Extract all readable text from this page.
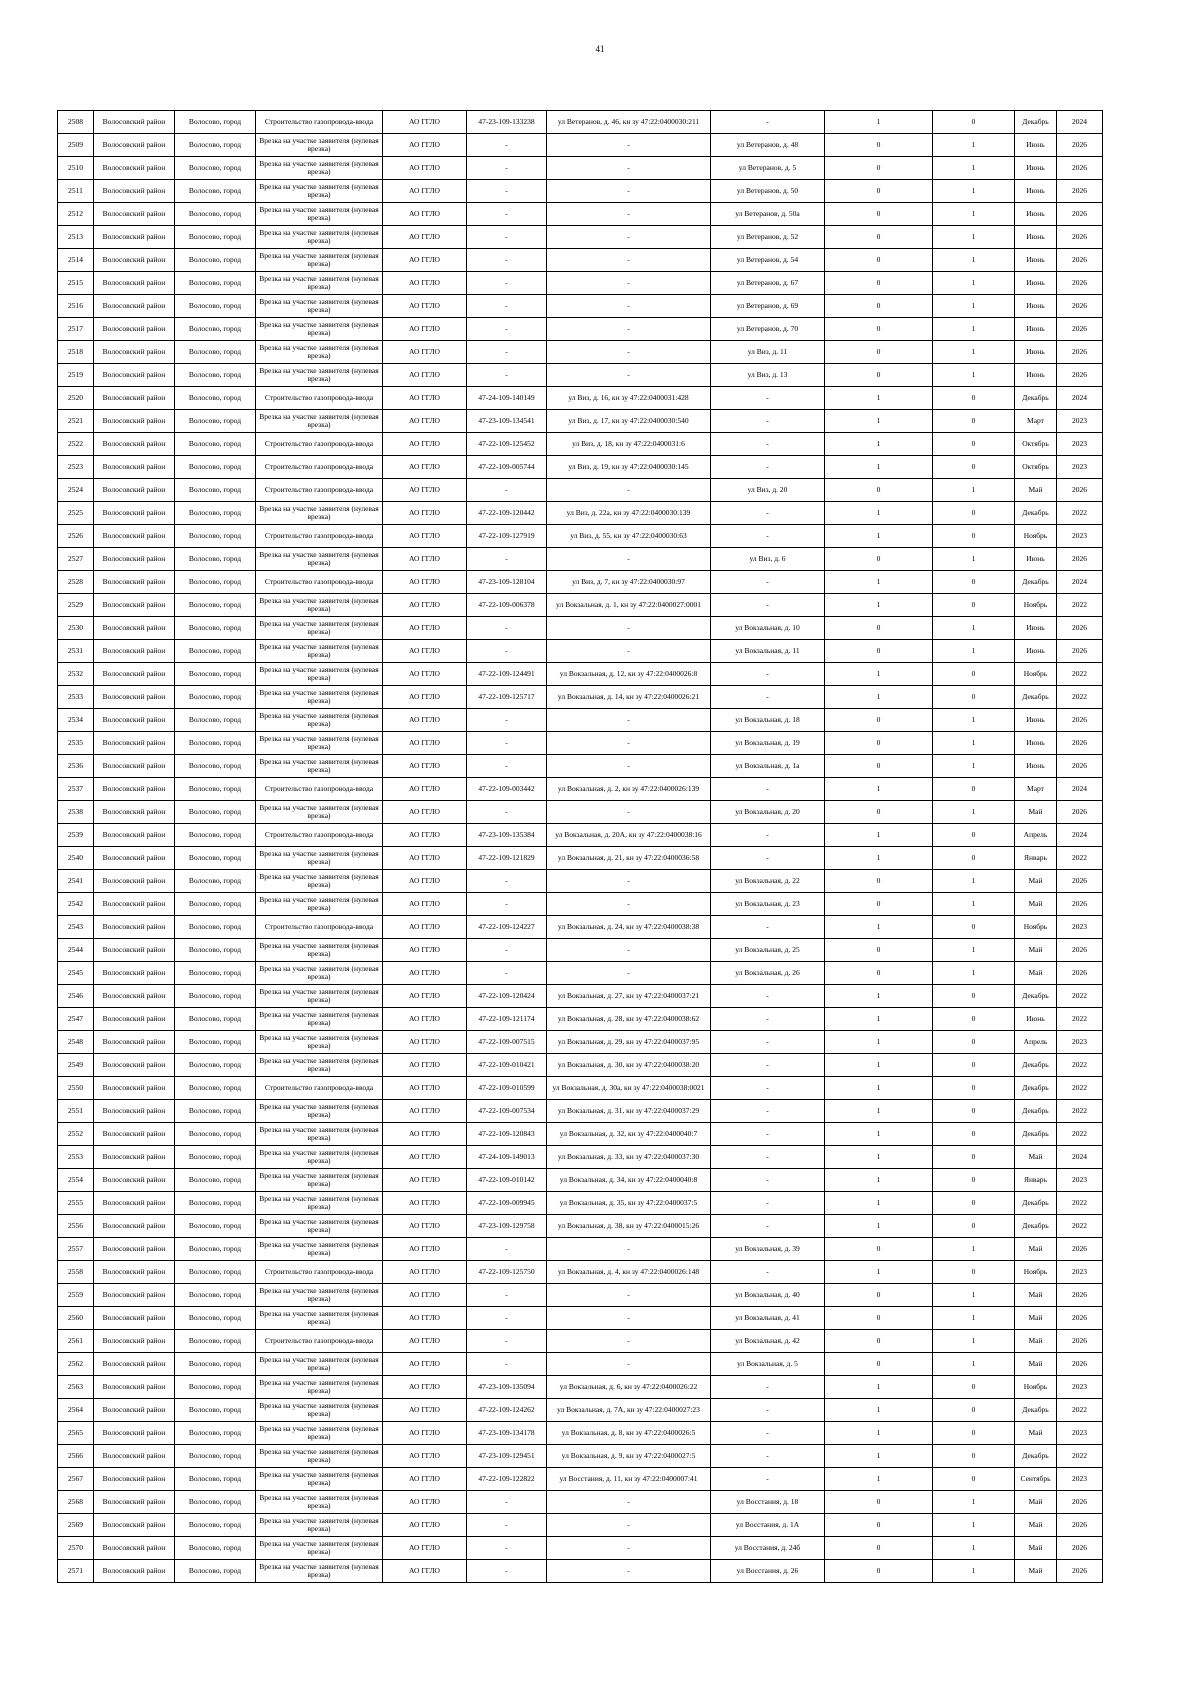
41
2508	Волосовский район	Волосово, город	Строительство газопровода-ввода	АО ГГЛО	47-23-109-133238	ул Ветеранов, д. 46, кн зу 47:22:0400030:211	-	1	0	Декабрь	2024
2509	Волосовский район	Волосово, город	Врезка на участке заявителя (нулевая врезка)	АО ГГЛО	-	-	ул Ветеранов, д. 48	0	1	Июнь	2026
2510	Волосовский район	Волосово, город	Врезка на участке заявителя (нулевая врезка)	АО ГГЛО	-	-	ул Ветеранов, д. 5	0	1	Июнь	2026
2511	Волосовский район	Волосово, город	Врезка на участке заявителя (нулевая врезка)	АО ГГЛО	-	-	ул Ветеранов, д. 50	0	1	Июнь	2026
2512	Волосовский район	Волосово, город	Врезка на участке заявителя (нулевая врезка)	АО ГГЛО	-	-	ул Ветеранов, д. 50а	0	1	Июнь	2026
2513	Волосовский район	Волосово, город	Врезка на участке заявителя (нулевая врезка)	АО ГГЛО	-	-	ул Ветеранов, д. 52	0	1	Июнь	2026
2514	Волосовский район	Волосово, город	Врезка на участке заявителя (нулевая врезка)	АО ГГЛО	-	-	ул Ветеранов, д. 54	0	1	Июнь	2026
2515	Волосовский район	Волосово, город	Врезка на участке заявителя (нулевая врезка)	АО ГГЛО	-	-	ул Ветеранов, д. 67	0	1	Июнь	2026
2516	Волосовский район	Волосово, город	Врезка на участке заявителя (нулевая врезка)	АО ГГЛО	-	-	ул Ветеранов, д. 69	0	1	Июнь	2026
2517	Волосовский район	Волосово, город	Врезка на участке заявителя (нулевая врезка)	АО ГГЛО	-	-	ул Ветеранов, д. 70	0	1	Июнь	2026
2518	Волосовский район	Волосово, город	Врезка на участке заявителя (нулевая врезка)	АО ГГЛО	-	-	ул Виз, д. 11	0	1	Июнь	2026
2519	Волосовский район	Волосово, город	Врезка на участке заявителя (нулевая врезка)	АО ГГЛО	-	-	ул Виз, д. 13	0	1	Июнь	2026
2520	Волосовский район	Волосово, город	Строительство газопровода-ввода	АО ГГЛО	47-24-109-140149	ул Виз, д. 16, кн зу 47:22:0400031:428	-	1	0	Декабрь	2024
2521	Волосовский район	Волосово, город	Врезка на участке заявителя (нулевая врезка)	АО ГГЛО	47-23-109-134541	ул Виз, д. 17, кн зу 47:22:0400030:540	-	1	0	Март	2023
2522	Волосовский район	Волосово, город	Строительство газопровода-ввода	АО ГГЛО	47-22-109-125452	ул Виз, д. 18, кн зу 47:22:0400031:6	-	1	0	Октябрь	2023
2523	Волосовский район	Волосово, город	Строительство газопровода-ввода	АО ГГЛО	47-22-109-005744	ул Виз, д. 19, кн зу 47:22:0400030:145	-	1	0	Октябрь	2023
2524	Волосовский район	Волосово, город	Строительство газопровода-ввода	АО ГГЛО	-	-	ул Виз, д. 20	0	1	Май	2026
2525	Волосовский район	Волосово, город	Врезка на участке заявителя (нулевая врезка)	АО ГГЛО	47-22-109-120442	ул Виз, д. 22а, кн зу 47:22:0400030:139	-	1	0	Декабрь	2022
2526	Волосовский район	Волосово, город	Строительство газопровода-ввода	АО ГГЛО	47-22-109-127919	ул Виз, д. 55, кн зу 47:22:0400030:63	-	1	0	Ноябрь	2023
2527	Волосовский район	Волосово, город	Врезка на участке заявителя (нулевая врезка)	АО ГГЛО	-	-	ул Виз, д. 6	0	1	Июнь	2026
2528	Волосовский район	Волосово, город	Строительство газопровода-ввода	АО ГГЛО	47-23-109-128104	ул Виз, д. 7, кн зу 47:22:0400030:97	-	1	0	Декабрь	2024
2529	Волосовский район	Волосово, город	Врезка на участке заявителя (нулевая врезка)	АО ГГЛО	47-22-109-006378	ул Вокзальная, д. 1, кн зу 47:22:0400027:0001	-	1	0	Ноябрь	2022
2530	Волосовский район	Волосово, город	Врезка на участке заявителя (нулевая врезка)	АО ГГЛО	-	-	ул Вокзальная, д. 10	0	1	Июнь	2026
2531	Волосовский район	Волосово, город	Врезка на участке заявителя (нулевая врезка)	АО ГГЛО	-	-	ул Вокзальная, д. 11	0	1	Июнь	2026
2532	Волосовский район	Волосово, город	Врезка на участке заявителя (нулевая врезка)	АО ГГЛО	47-22-109-124491	ул Вокзальная, д. 12, кн зу 47:22:0400026:8	-	1	0	Ноябрь	2022
2533	Волосовский район	Волосово, город	Врезка на участке заявителя (нулевая врезка)	АО ГГЛО	47-22-109-125717	ул Вокзальная, д. 14, кн зу 47:22:0400026:21	-	1	0	Декабрь	2022
2534	Волосовский район	Волосово, город	Врезка на участке заявителя (нулевая врезка)	АО ГГЛО	-	-	ул Вокзальная, д. 18	0	1	Июнь	2026
2535	Волосовский район	Волосово, город	Врезка на участке заявителя (нулевая врезка)	АО ГГЛО	-	-	ул Вокзальная, д. 19	0	1	Июнь	2026
2536	Волосовский район	Волосово, город	Врезка на участке заявителя (нулевая врезка)	АО ГГЛО	-	-	ул Вокзальная, д. 1а	0	1	Июнь	2026
2537	Волосовский район	Волосово, город	Строительство газопровода-ввода	АО ГГЛО	47-22-109-003442	ул Вокзальная, д. 2, кн зу 47:22:0400026:139	-	1	0	Март	2024
2538	Волосовский район	Волосово, город	Врезка на участке заявителя (нулевая врезка)	АО ГГЛО	-	-	ул Вокзальная, д. 20	0	1	Май	2026
2539	Волосовский район	Волосово, город	Строительство газопровода-ввода	АО ГГЛО	47-23-109-135384	ул Вокзальная, д. 20А, кн зу 47:22:0400038:16	-	1	0	Апрель	2024
2540	Волосовский район	Волосово, город	Врезка на участке заявителя (нулевая врезка)	АО ГГЛО	47-22-109-121829	ул Вокзальная, д. 21, кн зу 47:22:0400036:58	-	1	0	Январь	2022
2541	Волосовский район	Волосово, город	Врезка на участке заявителя (нулевая врезка)	АО ГГЛО	-	-	ул Вокзальная, д. 22	0	1	Май	2026
2542	Волосовский район	Волосово, город	Врезка на участке заявителя (нулевая врезка)	АО ГГЛО	-	-	ул Вокзальная, д. 23	0	1	Май	2026
2543	Волосовский район	Волосово, город	Строительство газопровода-ввода	АО ГГЛО	47-22-109-124227	ул Вокзальная, д. 24, кн зу 47:22:0400038:38	-	1	0	Ноябрь	2023
2544	Волосовский район	Волосово, город	Врезка на участке заявителя (нулевая врезка)	АО ГГЛО	-	-	ул Вокзальная, д. 25	0	1	Май	2026
2545	Волосовский район	Волосово, город	Врезка на участке заявителя (нулевая врезка)	АО ГГЛО	-	-	ул Вокзальная, д. 26	0	1	Май	2026
2546	Волосовский район	Волосово, город	Врезка на участке заявителя (нулевая врезка)	АО ГГЛО	47-22-109-120424	ул Вокзальная, д. 27, кн зу 47:22:0400037:21	-	1	0	Декабрь	2022
2547	Волосовский район	Волосово, город	Врезка на участке заявителя (нулевая врезка)	АО ГГЛО	47-22-109-121174	ул Вокзальная, д. 28, кн зу 47:22:0400038:62	-	1	0	Июнь	2022
2548	Волосовский район	Волосово, город	Врезка на участке заявителя (нулевая врезка)	АО ГГЛО	47-22-109-007515	ул Вокзальная, д. 29, кн зу 47:22:0400037:95	-	1	0	Апрель	2023
2549	Волосовский район	Волосово, город	Врезка на участке заявителя (нулевая врезка)	АО ГГЛО	47-22-109-010421	ул Вокзальная, д. 30, кн зу 47:22:0400038:20	-	1	0	Декабрь	2022
2550	Волосовский район	Волосово, город	Строительство газопровода-ввода	АО ГГЛО	47-22-109-010599	ул Вокзальная, д. 30а, кн зу 47:22:0400038:0021	-	1	0	Декабрь	2022
2551	Волосовский район	Волосово, город	Врезка на участке заявителя (нулевая врезка)	АО ГГЛО	47-22-109-007534	ул Вокзальная, д. 31, кн зу 47:22:0400037:29	-	1	0	Декабрь	2022
2552	Волосовский район	Волосово, город	Врезка на участке заявителя (нулевая врезка)	АО ГГЛО	47-22-109-120843	ул Вокзальная, д. 32, кн зу 47:22:0400040:7	-	1	0	Декабрь	2022
2553	Волосовский район	Волосово, город	Врезка на участке заявителя (нулевая врезка)	АО ГГЛО	47-24-109-149013	ул Вокзальная, д. 33, кн зу 47:22:0400037:30	-	1	0	Май	2024
2554	Волосовский район	Волосово, город	Врезка на участке заявителя (нулевая врезка)	АО ГГЛО	47-22-109-010142	ул Вокзальная, д. 34, кн зу 47:22:0400040:8	-	1	0	Январь	2023
2555	Волосовский район	Волосово, город	Врезка на участке заявителя (нулевая врезка)	АО ГГЛО	47-22-109-009945	ул Вокзальная, д. 35, кн зу 47:22:0400037:5	-	1	0	Декабрь	2022
2556	Волосовский район	Волосово, город	Врезка на участке заявителя (нулевая врезка)	АО ГГЛО	47-23-109-129758	ул Вокзальная, д. 38, кн зу 47:22:0400015:26	-	1	0	Декабрь	2022
2557	Волосовский район	Волосово, город	Врезка на участке заявителя (нулевая врезка)	АО ГГЛО	-	-	ул Вокзальная, д. 39	0	1	Май	2026
2558	Волосовский район	Волосово, город	Строительство газопровода-ввода	АО ГГЛО	47-22-109-125750	ул Вокзальная, д. 4, кн зу 47:22:0400026:148	-	1	0	Ноябрь	2023
2559	Волосовский район	Волосово, город	Врезка на участке заявителя (нулевая врезка)	АО ГГЛО	-	-	ул Вокзальная, д. 40	0	1	Май	2026
2560	Волосовский район	Волосово, город	Врезка на участке заявителя (нулевая врезка)	АО ГГЛО	-	-	ул Вокзальная, д. 41	0	1	Май	2026
2561	Волосовский район	Волосово, город	Строительство газопровода-ввода	АО ГГЛО	-	-	ул Вокзальная, д. 42	0	1	Май	2026
2562	Волосовский район	Волосово, город	Врезка на участке заявителя (нулевая врезка)	АО ГГЛО	-	-	ул Вокзальная, д. 5	0	1	Май	2026
2563	Волосовский район	Волосово, город	Врезка на участке заявителя (нулевая врезка)	АО ГГЛО	47-23-109-135094	ул Вокзальная, д. 6, кн зу 47:22:0400026:22	-	1	0	Ноябрь	2023
2564	Волосовский район	Волосово, город	Врезка на участке заявителя (нулевая врезка)	АО ГГЛО	47-22-109-124262	ул Вокзальная, д. 7А, кн зу 47:22:0400027:23	-	1	0	Декабрь	2022
2565	Волосовский район	Волосово, город	Врезка на участке заявителя (нулевая врезка)	АО ГГЛО	47-23-109-134178	ул Вокзальная, д. 8, кн зу 47:22:0400026:5	-	1	0	Май	2023
2566	Волосовский район	Волосово, город	Врезка на участке заявителя (нулевая врезка)	АО ГГЛО	47-23-109-129451	ул Вокзальная, д. 9, кн зу 47:22:0400027:5	-	1	0	Декабрь	2022
2567	Волосовский район	Волосово, город	Врезка на участке заявителя (нулевая врезка)	АО ГГЛО	47-22-109-122822	ул Восстания, д. 11, кн зу 47:22:0400007:41	-	1	0	Сентябрь	2023
2568	Волосовский район	Волосово, город	Врезка на участке заявителя (нулевая врезка)	АО ГГЛО	-	-	ул Восстания, д. 18	0	1	Май	2026
2569	Волосовский район	Волосово, город	Врезка на участке заявителя (нулевая врезка)	АО ГГЛО	-	-	ул Восстания, д. 1А	0	1	Май	2026
2570	Волосовский район	Волосово, город	Врезка на участке заявителя (нулевая врезка)	АО ГГЛО	-	-	ул Восстания, д. 24б	0	1	Май	2026
2571	Волосовский район	Волосово, город	Врезка на участке заявителя (нулевая врезка)	АО ГГЛО	-	-	ул Восстания, д. 26	0	1	Май	2026
